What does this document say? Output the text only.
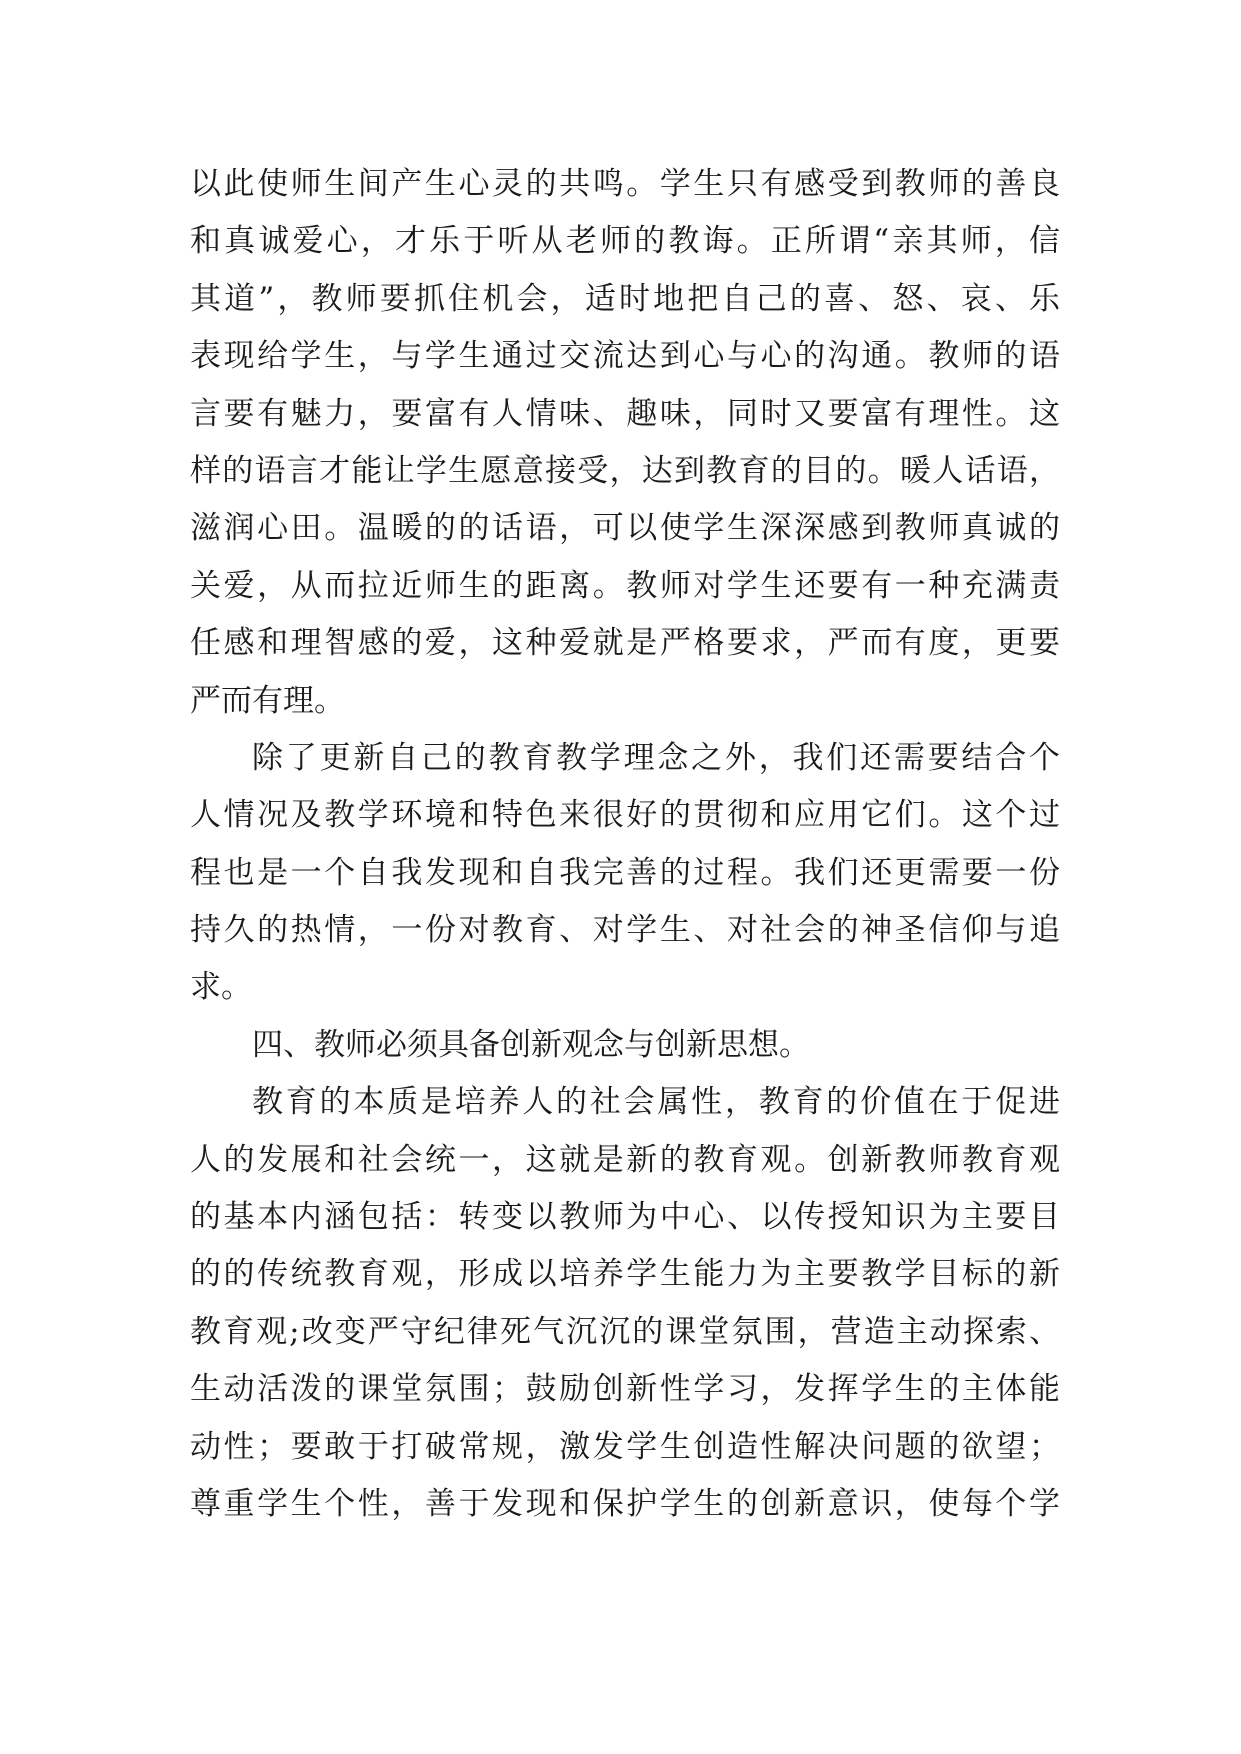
以此使师生间产生心灵的共鸣。学生只有感受到教师的善良
和真诚爱心，才乐于听从老师的教诲。正所谓“亲其师，信
其道”，教师要抓住机会，适时地把自己的喜、怒、哀、乐
表现给学生，与学生通过交流达到心与心的沟通。教师的语
言要有魅力，要富有人情味、趣味，同时又要富有理性。这
样的语言才能让学生愿意接受，达到教育的目的。暖人话语，
滋润心田。温暖的的话语，可以使学生深深感到教师真诚的
关爱，从而拉近师生的距离。教师对学生还要有一种充满责
任感和理智感的爱，这种爱就是严格要求，严而有度，更要
严而有理。
除了更新自己的教育教学理念之外，我们还需要结合个
人情况及教学环境和特色来很好的贯彻和应用它们。这个过
程也是一个自我发现和自我完善的过程。我们还更需要一份
持久的热情，一份对教育、对学生、对社会的神圣信仰与追
求。
四、教师必须具备创新观念与创新思想。
教育的本质是培养人的社会属性，教育的价值在于促进
人的发展和社会统一，这就是新的教育观。创新教师教育观
的基本内涵包括：转变以教师为中心、以传授知识为主要目
的的传统教育观，形成以培养学生能力为主要教学目标的新
教育观;改变严守纪律死气沉沉的课堂氛围，营造主动探索、
生动活泼的课堂氛围；鼓励创新性学习，发挥学生的主体能
动性；要敢于打破常规，激发学生创造性解决问题的欲望；
尊重学生个性，善于发现和保护学生的创新意识，使每个学
